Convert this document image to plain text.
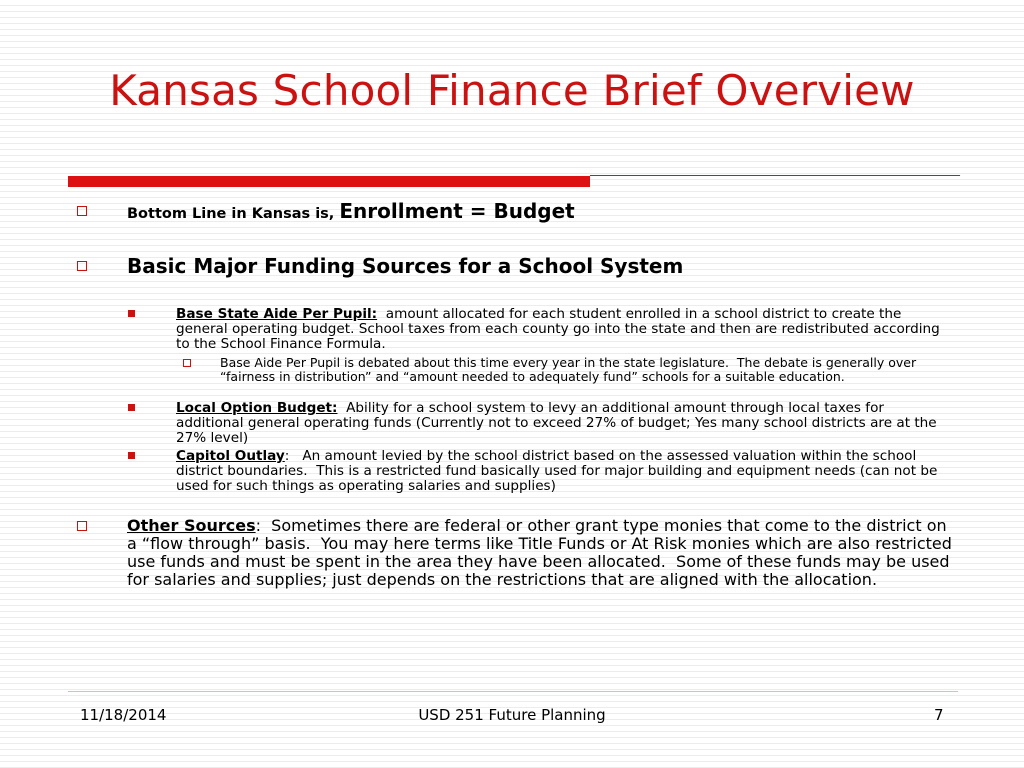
Kansas School Finance Brief Overview
Bottom Line in Kansas is, Enrollment = Budget
Basic Major Funding Sources for a School System
Base State Aide Per Pupil:  amount allocated for each student enrolled in a school district to create the general operating budget. School taxes from each county go into the state and then are redistributed according to the School Finance Formula.
Base Aide Per Pupil is debated about this time every year in the state legislature.  The debate is generally over “fairness in distribution” and “amount needed to adequately fund” schools for a suitable education.
Local Option Budget:  Ability for a school system to levy an additional amount through local taxes for additional general operating funds (Currently not to exceed 27% of budget; Yes many school districts are at the 27% level)
Capitol Outlay:   An amount levied by the school district based on the assessed valuation within the school district boundaries.  This is a restricted fund basically used for major building and equipment needs (can not be used for such things as operating salaries and supplies)
Other Sources:  Sometimes there are federal or other grant type monies that come to the district on a “flow through” basis.  You may here terms like Title Funds or At Risk monies which are also restricted use funds and must be spent in the area they have been allocated.  Some of these funds may be used for salaries and supplies; just depends on the restrictions that are aligned with the allocation.
11/18/2014	USD 251 Future Planning	7
